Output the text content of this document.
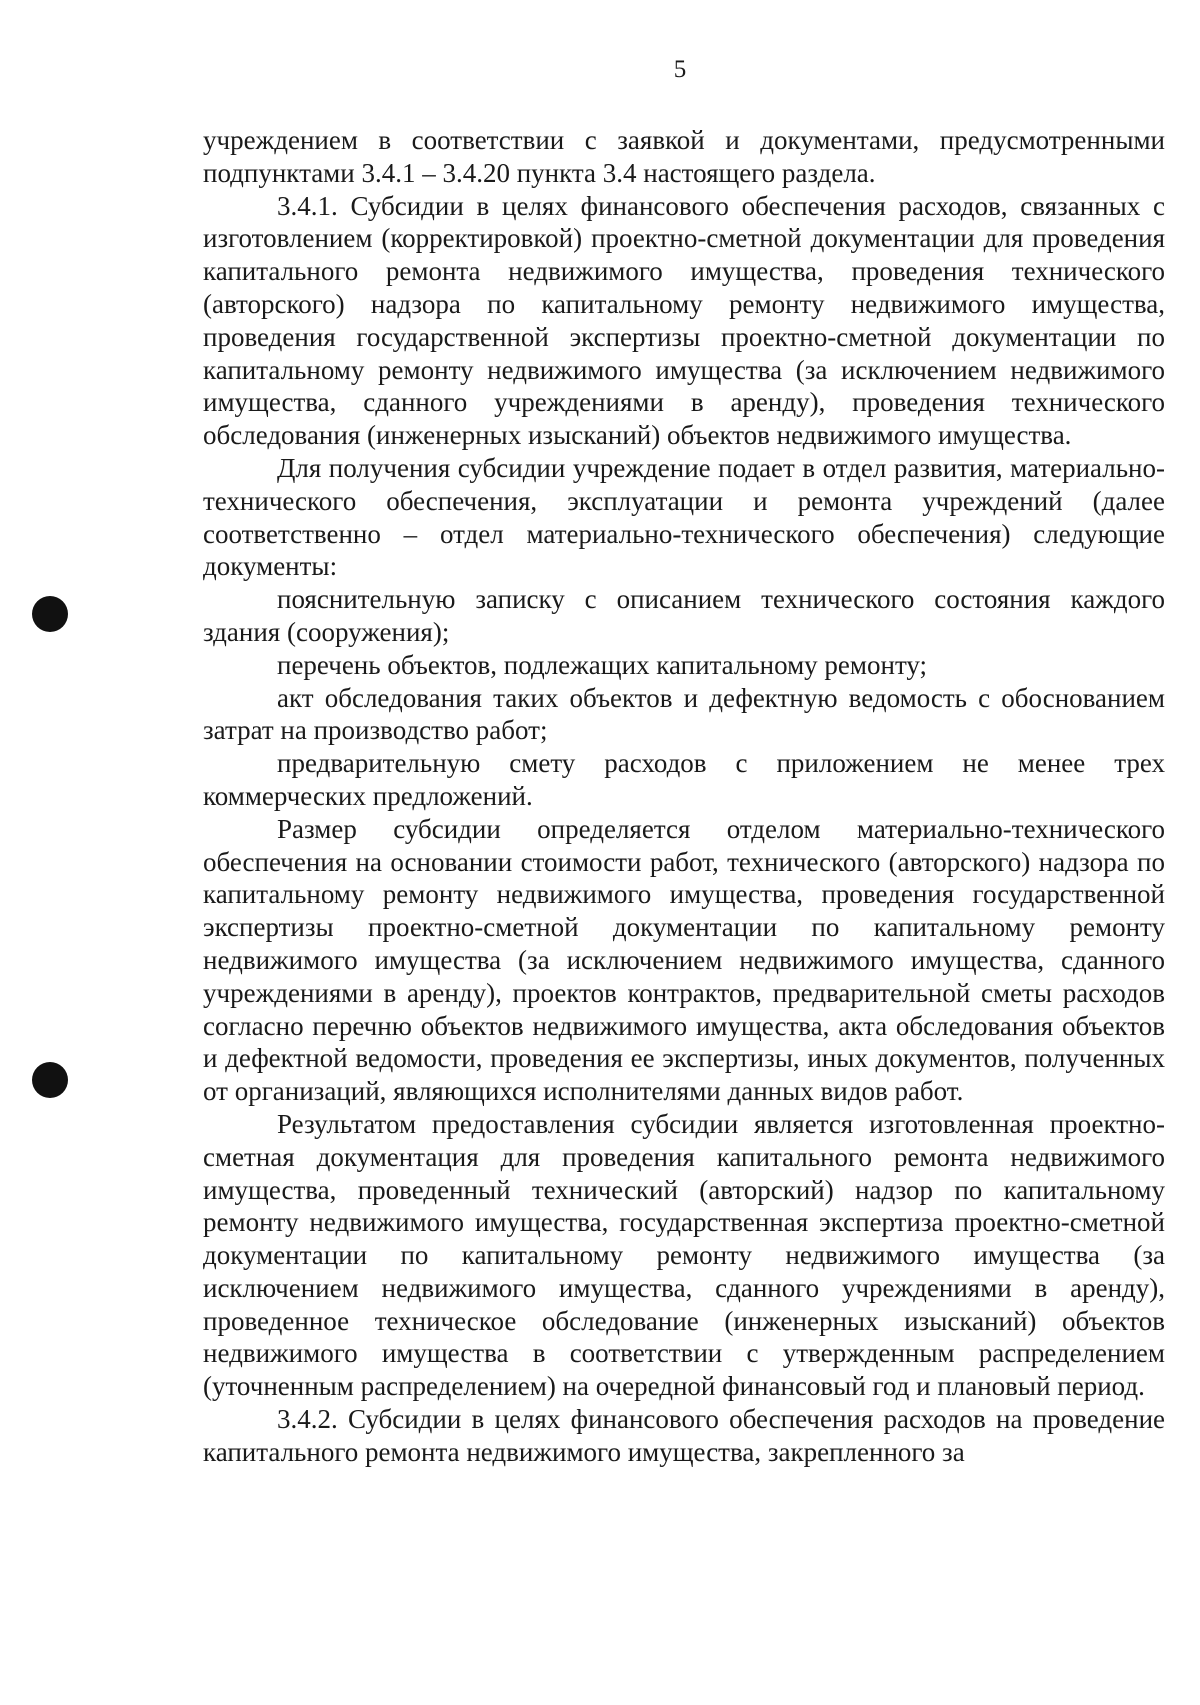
5

учреждением в соответствии с заявкой и документами, предусмотренными подпунктами 3.4.1 – 3.4.20 пункта 3.4 настоящего раздела.

3.4.1. Субсидии в целях финансового обеспечения расходов, связанных с изготовлением (корректировкой) проектно-сметной документации для проведения капитального ремонта недвижимого имущества, проведения технического (авторского) надзора по капитальному ремонту недвижимого имущества, проведения государственной экспертизы проектно-сметной документации по капитальному ремонту недвижимого имущества (за исключением недвижимого имущества, сданного учреждениями в аренду), проведения технического обследования (инженерных изысканий) объектов недвижимого имущества.

Для получения субсидии учреждение подает в отдел развития, материально-технического обеспечения, эксплуатации и ремонта учреждений (далее соответственно – отдел материально-технического обеспечения) следующие документы:

пояснительную записку с описанием технического состояния каждого здания (сооружения);

перечень объектов, подлежащих капитальному ремонту;

акт обследования таких объектов и дефектную ведомость с обоснованием затрат на производство работ;

предварительную смету расходов с приложением не менее трех коммерческих предложений.

Размер субсидии определяется отделом материально-технического обеспечения на основании стоимости работ, технического (авторского) надзора по капитальному ремонту недвижимого имущества, проведения государственной экспертизы проектно-сметной документации по капитальному ремонту недвижимого имущества (за исключением недвижимого имущества, сданного учреждениями в аренду), проектов контрактов, предварительной сметы расходов согласно перечню объектов недвижимого имущества, акта обследования объектов и дефектной ведомости, проведения ее экспертизы, иных документов, полученных от организаций, являющихся исполнителями данных видов работ.

Результатом предоставления субсидии является изготовленная проектно-сметная документация для проведения капитального ремонта недвижимого имущества, проведенный технический (авторский) надзор по капитальному ремонту недвижимого имущества, государственная экспертиза проектно-сметной документации по капитальному ремонту недвижимого имущества (за исключением недвижимого имущества, сданного учреждениями в аренду), проведенное техническое обследование (инженерных изысканий) объектов недвижимого имущества в соответствии с утвержденным распределением (уточненным распределением) на очередной финансовый год и плановый период.

3.4.2. Субсидии в целях финансового обеспечения расходов на проведение капитального ремонта недвижимого имущества, закрепленного за
